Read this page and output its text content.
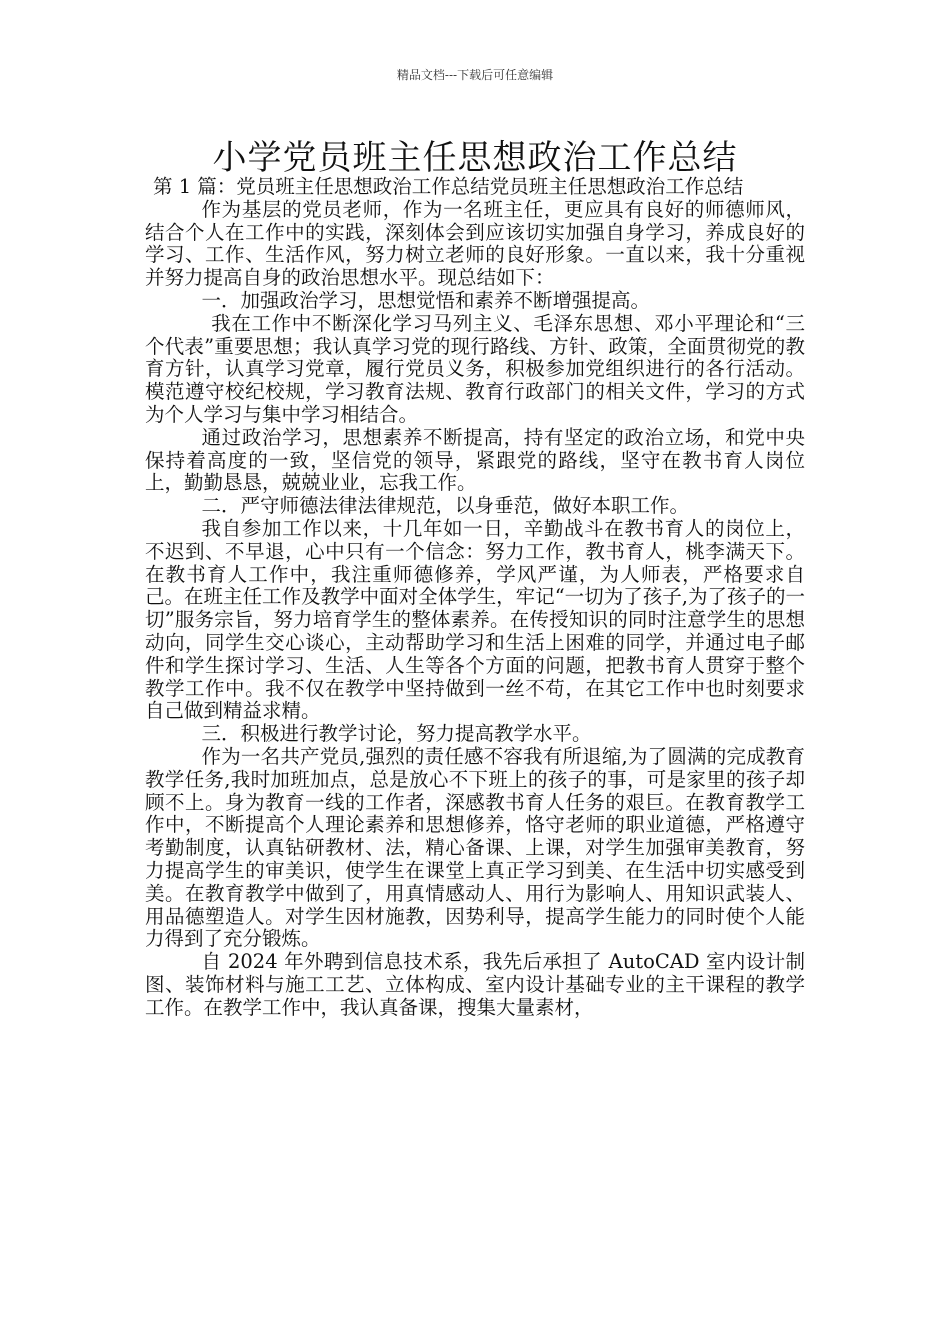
精品文档---下载后可任意编辑
小学党员班主任思想政治工作总结

第 1 篇：党员班主任思想政治工作总结党员班主任思想政治工作总结

作为基层的党员老师，作为一名班主任，更应具有良好的师德师风，结合个人在工作中的实践，深刻体会到应该切实加强自身学习，养成良好的学习、工作、生活作风，努力树立老师的良好形象。一直以来，我十分重视并努力提高自身的政治思想水平。现总结如下：

一．加强政治学习，思想觉悟和素养不断增强提高。

我在工作中不断深化学习马列主义、毛泽东思想、邓小平理论和“三个代表”重要思想；我认真学习党的现行路线、方针、政策，全面贯彻党的教育方针，认真学习党章，履行党员义务，积极参加党组织进行的各行活动。模范遵守校纪校规，学习教育法规、教育行政部门的相关文件，学习的方式为个人学习与集中学习相结合。

通过政治学习，思想素养不断提高，持有坚定的政治立场，和党中央保持着高度的一致，坚信党的领导，紧跟党的路线，坚守在教书育人岗位上，勤勤恳恳，兢兢业业，忘我工作。

二．严守师德法律法律规范，以身垂范，做好本职工作。

我自参加工作以来，十几年如一日，辛勤战斗在教书育人的岗位上，不迟到、不早退，心中只有一个信念：努力工作，教书育人，桃李满天下。 在教书育人工作中，我注重师德修养，学风严谨，为人师表，严格要求自己。在班主任工作及教学中面对全体学生，牢记“一切为了孩子,为了孩子的一切”服务宗旨，努力培育学生的整体素养。在传授知识的同时注意学生的思想动向，同学生交心谈心，主动帮助学习和生活上困难的同学，并通过电子邮件和学生探讨学习、生活、人生等各个方面的问题，把教书育人贯穿于整个教学工作中。我不仅在教学中坚持做到一丝不苟，在其它工作中也时刻要求自己做到精益求精。

三．积极进行教学讨论，努力提高教学水平。

作为一名共产党员,强烈的责任感不容我有所退缩,为了圆满的完成教育教学任务,我时加班加点，总是放心不下班上的孩子的事，可是家里的孩子却顾不上。身为教育一线的工作者，深感教书育人任务的艰巨。在教育教学工作中，不断提高个人理论素养和思想修养，恪守老师的职业道德，严格遵守考勤制度，认真钻研教材、法，精心备课、上课，对学生加强审美教育，努力提高学生的审美识，使学生在课堂上真正学习到美、在生活中切实感受到美。在教育教学中做到了，用真情感动人、用行为影响人、用知识武装人、用品德塑造人。对学生因材施教，因势利导，提高学生能力的同时使个人能力得到了充分锻炼。

自 2024 年外聘到信息技术系，我先后承担了 AutoCAD 室内设计制图、装饰材料与施工工艺、立体构成、室内设计基础专业的主干课程的教学工作。在教学工作中，我认真备课，搜集大量素材，
